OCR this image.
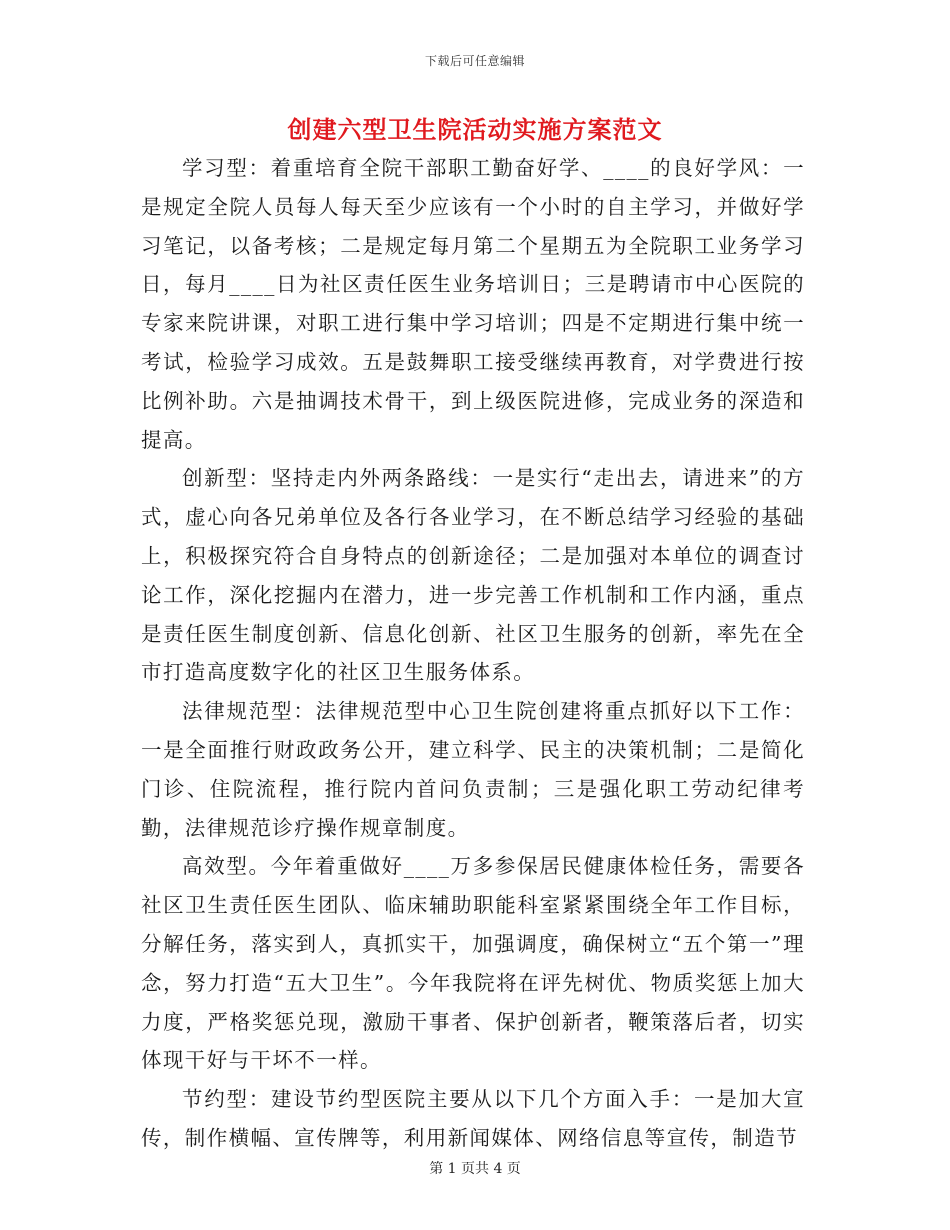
下载后可任意编辑
创建六型卫生院活动实施方案范文

学习型：着重培育全院干部职工勤奋好学、____的良好学风：一是规定全院人员每人每天至少应该有一个小时的自主学习，并做好学习笔记，以备考核；二是规定每月第二个星期五为全院职工业务学习日，每月____日为社区责任医生业务培训日；三是聘请市中心医院的专家来院讲课，对职工进行集中学习培训；四是不定期进行集中统一考试，检验学习成效。五是鼓舞职工接受继续再教育，对学费进行按比例补助。六是抽调技术骨干，到上级医院进修，完成业务的深造和提高。

创新型：坚持走内外两条路线：一是实行“走出去，请进来”的方式，虚心向各兄弟单位及各行各业学习，在不断总结学习经验的基础上，积极探究符合自身特点的创新途径；二是加强对本单位的调查讨论工作，深化挖掘内在潜力，进一步完善工作机制和工作内涵，重点是责任医生制度创新、信息化创新、社区卫生服务的创新，率先在全市打造高度数字化的社区卫生服务体系。

法律规范型：法律规范型中心卫生院创建将重点抓好以下工作：一是全面推行财政政务公开，建立科学、民主的决策机制；二是简化门诊、住院流程，推行院内首问负责制；三是强化职工劳动纪律考勤，法律规范诊疗操作规章制度。

高效型。今年着重做好____万多参保居民健康体检任务，需要各社区卫生责任医生团队、临床辅助职能科室紧紧围绕全年工作目标，分解任务，落实到人，真抓实干，加强调度，确保树立“五个第一”理念，努力打造“五大卫生”。今年我院将在评先树优、物质奖惩上加大力度，严格奖惩兑现，激励干事者、保护创新者，鞭策落后者，切实体现干好与干坏不一样。

节约型：建设节约型医院主要从以下几个方面入手：一是加大宣传，制作横幅、宣传牌等，利用新闻媒体、网络信息等宣传，制造节

第 1 页共 4 页
